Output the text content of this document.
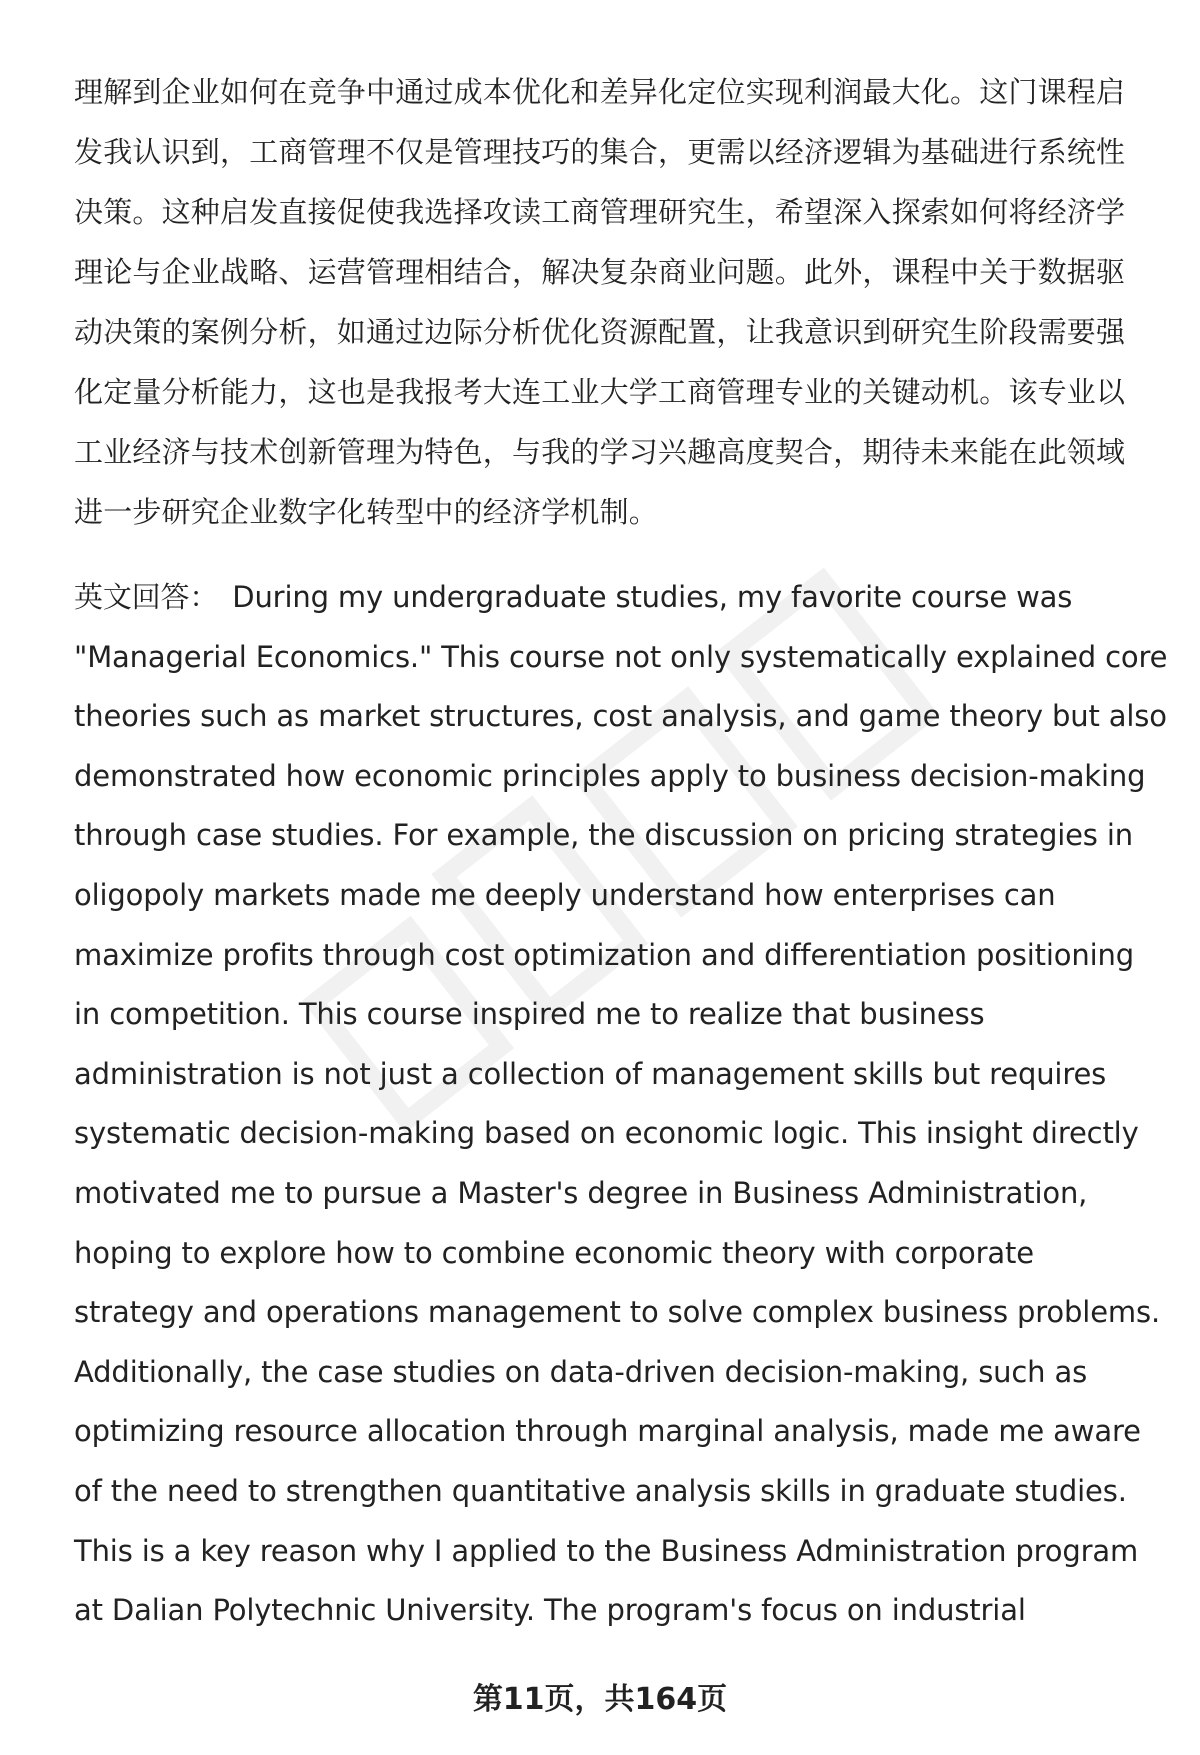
理解到企业如何在竞争中通过成本优化和差异化定位实现利润最大化。这门课程启
发我认识到，工商管理不仅是管理技巧的集合，更需以经济逻辑为基础进行系统性
决策。这种启发直接促使我选择攻读工商管理研究生，希望深入探索如何将经济学
理论与企业战略、运营管理相结合，解决复杂商业问题。此外，课程中关于数据驱
动决策的案例分析，如通过边际分析优化资源配置，让我意识到研究生阶段需要强
化定量分析能力，这也是我报考大连工业大学工商管理专业的关键动机。该专业以
工业经济与技术创新管理为特色，与我的学习兴趣高度契合，期待未来能在此领域
进一步研究企业数字化转型中的经济学机制。
英文回答： During my undergraduate studies, my favorite course was
"Managerial Economics." This course not only systematically explained core
theories such as market structures, cost analysis, and game theory but also
demonstrated how economic principles apply to business decision-making
through case studies. For example, the discussion on pricing strategies in
oligopoly markets made me deeply understand how enterprises can
maximize profits through cost optimization and differentiation positioning
in competition. This course inspired me to realize that business
administration is not just a collection of management skills but requires
systematic decision-making based on economic logic. This insight directly
motivated me to pursue a Master's degree in Business Administration,
hoping to explore how to combine economic theory with corporate
strategy and operations management to solve complex business problems.
Additionally, the case studies on data-driven decision-making, such as
optimizing resource allocation through marginal analysis, made me aware
of the need to strengthen quantitative analysis skills in graduate studies.
This is a key reason why I applied to the Business Administration program
at Dalian Polytechnic University. The program's focus on industrial
第11页，共164页
